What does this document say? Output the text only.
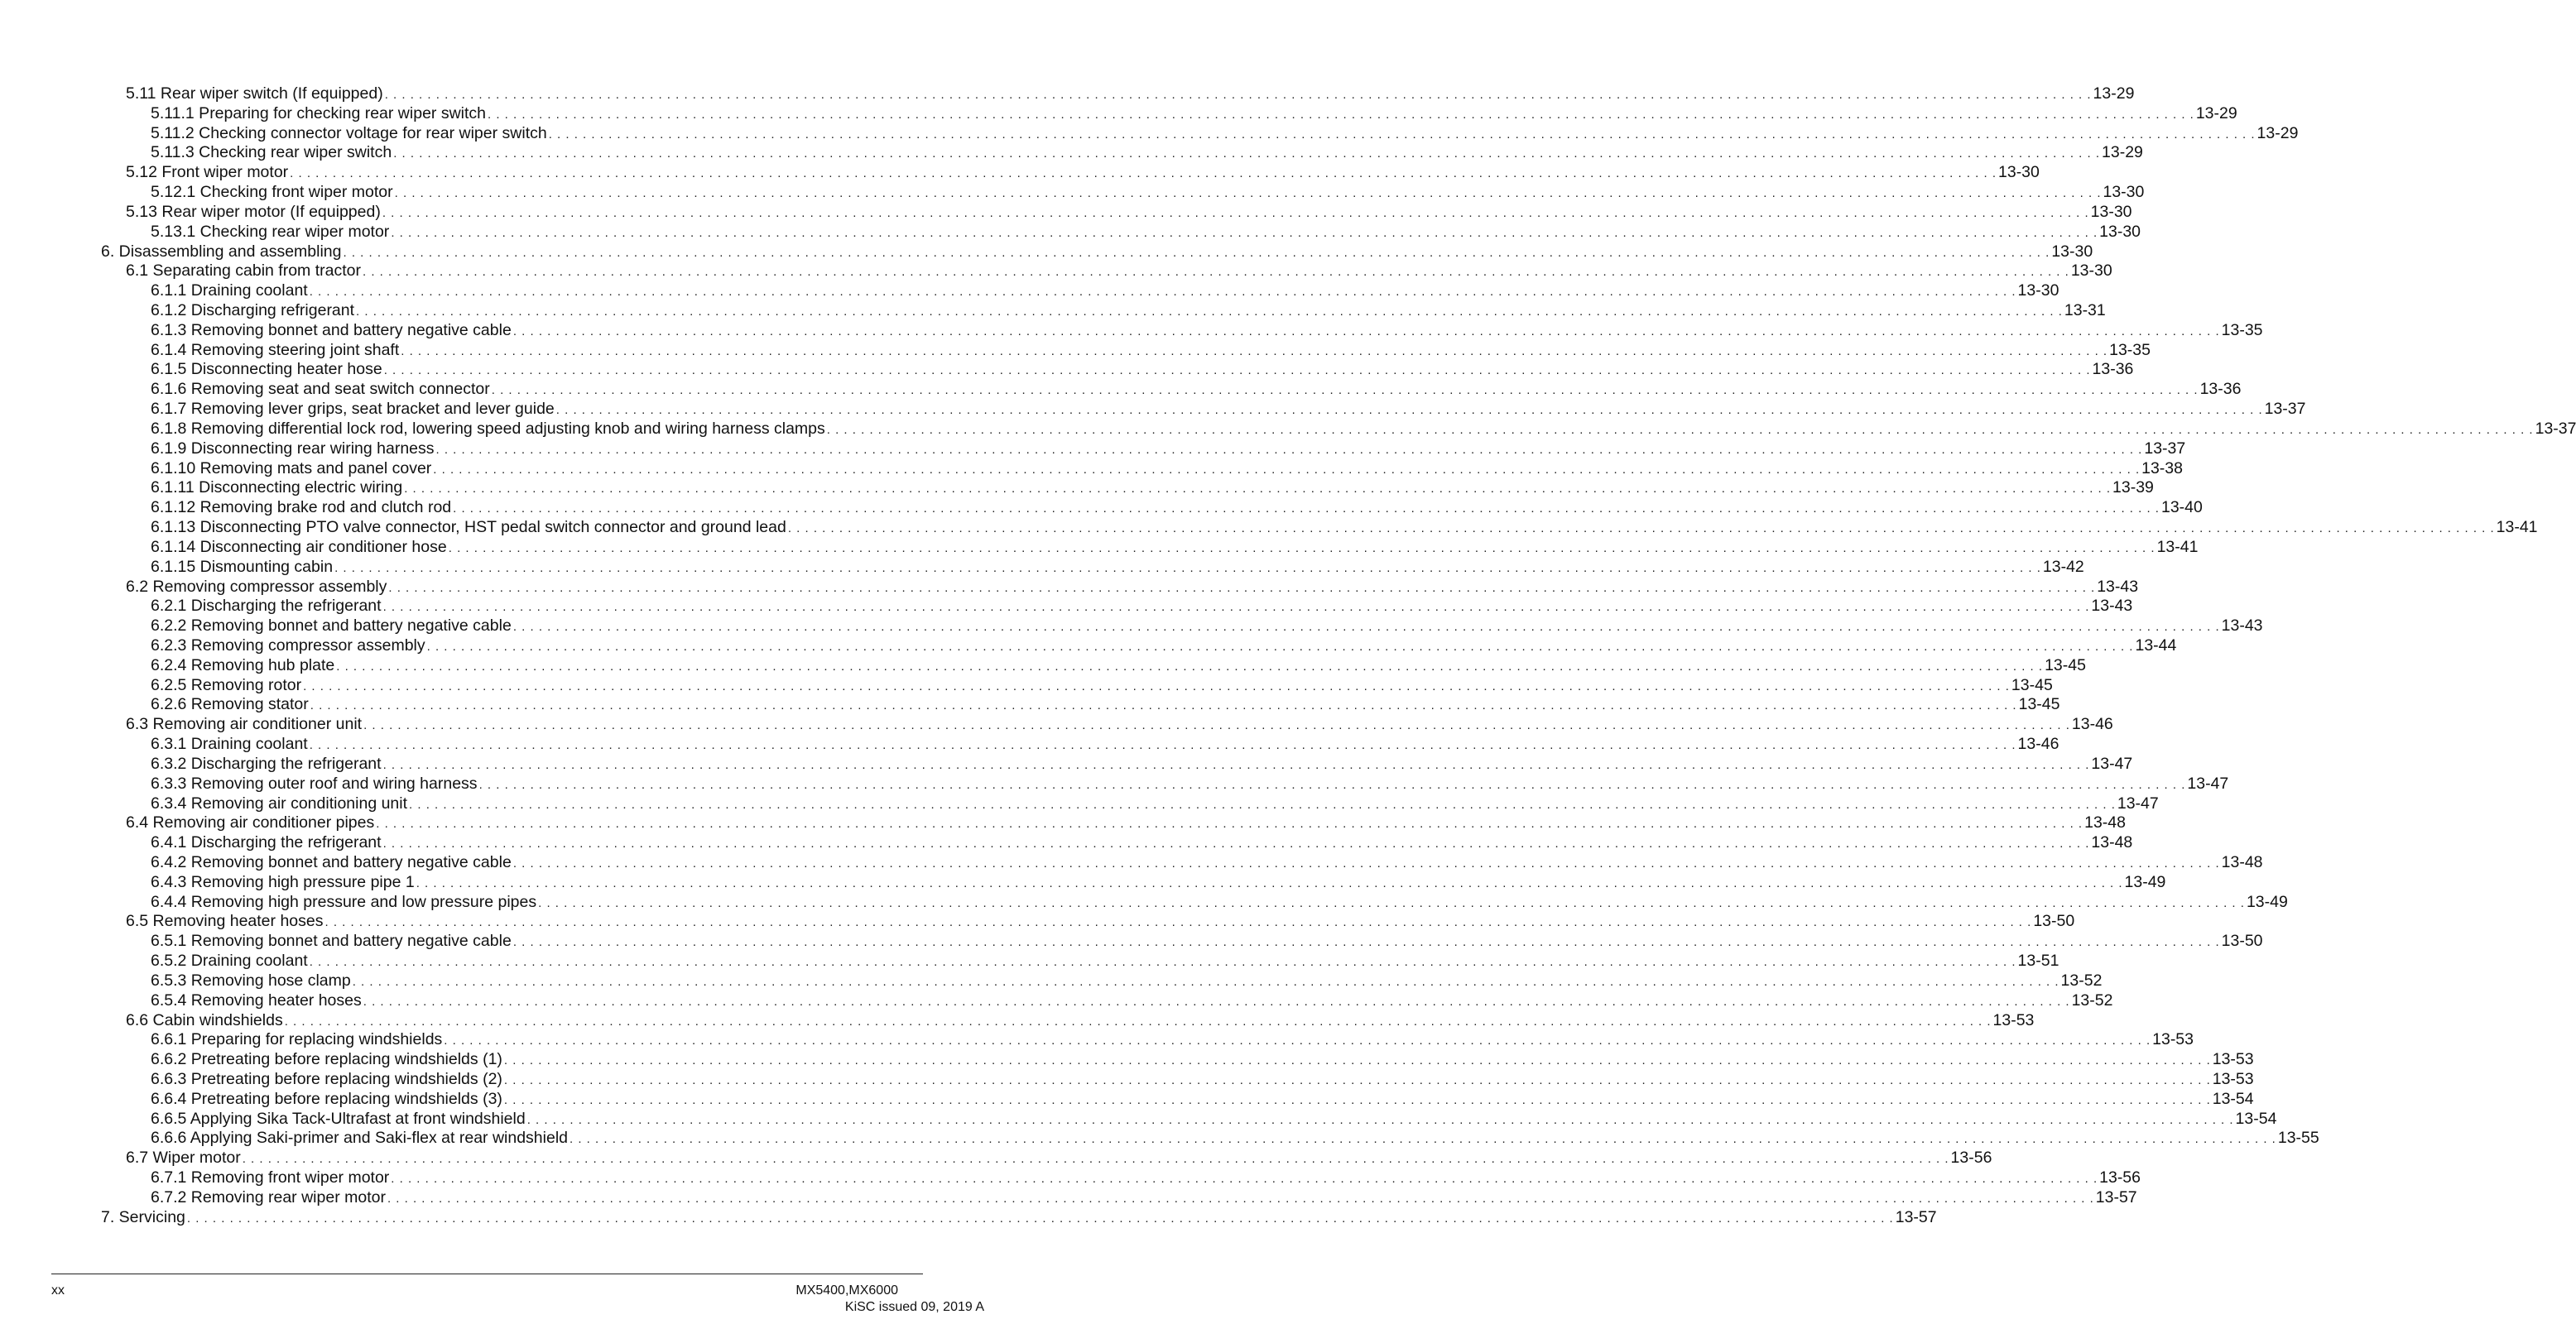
5.11 Rear wiper switch (If equipped) . . . . . . . . . . . . . . . . . . . . . . . . . . . . . . . . . . . . . . . . . . . . . . . . . . . . . . . . . . . . . . . . . . . . . . . . . . . . . . . . . . . . . . . . . . . . . . . . . . . . . . . . . . . . . . . . . . . . . . . . . . . . . . . . . . . . . . . . . . . . . . . . . . . . . . . . . . . . . . . . . . . . . . . . . . . . . . . . . . . . . . . . . . . . . . . . . . . . . . . . 13-29
5.11.1 Preparing for checking rear wiper switch . . . . . . . . . . . . . . . . . . . . . . . . . . . . . . . . . . . . . . . . . . . . . . . . . . . . . . . . . . . . . . . . . . . . . . . . . . . . . . . . . . . . . . . . . . . . . . . . . . . . . . . . . . . . . . . . . . . . . . . . . . . . . . . . . . . . . . . . . . . . . . . . . . . . . . . . . . . . . . . . . . . . . . . . . . . . . . . . . . . . . . . . . . . . . . . . . . . . . . . . 13-29
5.11.2 Checking connector voltage for rear wiper switch . . . . . . . . . . . . . . . . . . . . . . . . . . . . . . . . . . . . . . . . . . . . . . . . . . . . . . . . . . . . . . . . . . . . . . . . . . . . . . . . . . . . . . . . . . . . . . . . . . . . . . . . . . . . . . . . . . . . . . . . . . . . . . . . . . . . . . . . . . . . . . . . . . . . . . . . . . . . . . . . . . . . . . . . . . . . . . . . . . . . . . . . . . . . . . . . . . . . . . . . 13-29
5.11.3 Checking rear wiper switch . . . . . . . . . . . . . . . . . . . . . . . . . . . . . . . . . . . . . . . . . . . . . . . . . . . . . . . . . . . . . . . . . . . . . . . . . . . . . . . . . . . . . . . . . . . . . . . . . . . . . . . . . . . . . . . . . . . . . . . . . . . . . . . . . . . . . . . . . . . . . . . . . . . . . . . . . . . . . . . . . . . . . . . . . . . . . . . . . . . . . . . . . . . . . . . . . . . . . . . . 13-29
5.12 Front wiper motor . . . . . . . . . . . . . . . . . . . . . . . . . . . . . . . . . . . . . . . . . . . . . . . . . . . . . . . . . . . . . . . . . . . . . . . . . . . . . . . . . . . . . . . . . . . . . . . . . . . . . . . . . . . . . . . . . . . . . . . . . . . . . . . . . . . . . . . . . . . . . . . . . . . . . . . . . . . . . . . . . . . . . . . . . . . . . . . . . . . . . . . . . . . . . . . . . . . . . . . . 13-30
5.12.1 Checking front wiper motor . . . . . . . . . . . . . . . . . . . . . . . . . . . . . . . . . . . . . . . . . . . . . . . . . . . . . . . . . . . . . . . . . . . . . . . . . . . . . . . . . . . . . . . . . . . . . . . . . . . . . . . . . . . . . . . . . . . . . . . . . . . . . . . . . . . . . . . . . . . . . . . . . . . . . . . . . . . . . . . . . . . . . . . . . . . . . . . . . . . . . . . . . . . . . . . . . . . . . . . . 13-30
5.13 Rear wiper motor (If equipped) . . . . . . . . . . . . . . . . . . . . . . . . . . . . . . . . . . . . . . . . . . . . . . . . . . . . . . . . . . . . . . . . . . . . . . . . . . . . . . . . . . . . . . . . . . . . . . . . . . . . . . . . . . . . . . . . . . . . . . . . . . . . . . . . . . . . . . . . . . . . . . . . . . . . . . . . . . . . . . . . . . . . . . . . . . . . . . . . . . . . . . . . . . . . . . . . . . . . . . . . 13-30
5.13.1 Checking rear wiper motor . . . . . . . . . . . . . . . . . . . . . . . . . . . . . . . . . . . . . . . . . . . . . . . . . . . . . . . . . . . . . . . . . . . . . . . . . . . . . . . . . . . . . . . . . . . . . . . . . . . . . . . . . . . . . . . . . . . . . . . . . . . . . . . . . . . . . . . . . . . . . . . . . . . . . . . . . . . . . . . . . . . . . . . . . . . . . . . . . . . . . . . . . . . . . . . . . . . . . . . . 13-30
6. Disassembling and assembling . . . . . . . . . . . . . . . . . . . . . . . . . . . . . . . . . . . . . . . . . . . . . . . . . . . . . . . . . . . . . . . . . . . . . . . . . . . . . . . . . . . . . . . . . . . . . . . . . . . . . . . . . . . . . . . . . . . . . . . . . . . . . . . . . . . . . . . . . . . . . . . . . . . . . . . . . . . . . . . . . . . . . . . . . . . . . . . . . . . . . . . . . . . . . . . . . . . . . . . . 13-30
6.1 Separating cabin from tractor . . . . . . . . . . . . . . . . . . . . . . . . . . . . . . . . . . . . . . . . . . . . . . . . . . . . . . . . . . . . . . . . . . . . . . . . . . . . . . . . . . . . . . . . . . . . . . . . . . . . . . . . . . . . . . . . . . . . . . . . . . . . . . . . . . . . . . . . . . . . . . . . . . . . . . . . . . . . . . . . . . . . . . . . . . . . . . . . . . . . . . . . . . . . . . . . . . . . . . . . 13-30
6.1.1 Draining coolant . . . . . . . . . . . . . . . . . . . . . . . . . . . . . . . . . . . . . . . . . . . . . . . . . . . . . . . . . . . . . . . . . . . . . . . . . . . . . . . . . . . . . . . . . . . . . . . . . . . . . . . . . . . . . . . . . . . . . . . . . . . . . . . . . . . . . . . . . . . . . . . . . . . . . . . . . . . . . . . . . . . . . . . . . . . . . . . . . . . . . . . . . . . . . . . . . . . . . . . . 13-30
6.1.2 Discharging refrigerant . . . . . . . . . . . . . . . . . . . . . . . . . . . . . . . . . . . . . . . . . . . . . . . . . . . . . . . . . . . . . . . . . . . . . . . . . . . . . . . . . . . . . . . . . . . . . . . . . . . . . . . . . . . . . . . . . . . . . . . . . . . . . . . . . . . . . . . . . . . . . . . . . . . . . . . . . . . . . . . . . . . . . . . . . . . . . . . . . . . . . . . . . . . . . . . . . . . . . . . . 13-31
6.1.3 Removing bonnet and battery negative cable . . . . . . . . . . . . . . . . . . . . . . . . . . . . . . . . . . . . . . . . . . . . . . . . . . . . . . . . . . . . . . . . . . . . . . . . . . . . . . . . . . . . . . . . . . . . . . . . . . . . . . . . . . . . . . . . . . . . . . . . . . . . . . . . . . . . . . . . . . . . . . . . . . . . . . . . . . . . . . . . . . . . . . . . . . . . . . . . . . . . . . . . . . . . . . . . . . . . . . . . 13-35
6.1.4 Removing steering joint shaft . . . . . . . . . . . . . . . . . . . . . . . . . . . . . . . . . . . . . . . . . . . . . . . . . . . . . . . . . . . . . . . . . . . . . . . . . . . . . . . . . . . . . . . . . . . . . . . . . . . . . . . . . . . . . . . . . . . . . . . . . . . . . . . . . . . . . . . . . . . . . . . . . . . . . . . . . . . . . . . . . . . . . . . . . . . . . . . . . . . . . . . . . . . . . . . . . . . . . . . . 13-35
6.1.5 Disconnecting heater hose . . . . . . . . . . . . . . . . . . . . . . . . . . . . . . . . . . . . . . . . . . . . . . . . . . . . . . . . . . . . . . . . . . . . . . . . . . . . . . . . . . . . . . . . . . . . . . . . . . . . . . . . . . . . . . . . . . . . . . . . . . . . . . . . . . . . . . . . . . . . . . . . . . . . . . . . . . . . . . . . . . . . . . . . . . . . . . . . . . . . . . . . . . . . . . . . . . . . . . . . 13-36
6.1.6 Removing seat and seat switch connector . . . . . . . . . . . . . . . . . . . . . . . . . . . . . . . . . . . . . . . . . . . . . . . . . . . . . . . . . . . . . . . . . . . . . . . . . . . . . . . . . . . . . . . . . . . . . . . . . . . . . . . . . . . . . . . . . . . . . . . . . . . . . . . . . . . . . . . . . . . . . . . . . . . . . . . . . . . . . . . . . . . . . . . . . . . . . . . . . . . . . . . . . . . . . . . . . . . . . . . . 13-36
6.1.7 Removing lever grips, seat bracket and lever guide . . . . . . . . . . . . . . . . . . . . . . . . . . . . . . . . . . . . . . . . . . . . . . . . . . . . . . . . . . . . . . . . . . . . . . . . . . . . . . . . . . . . . . . . . . . . . . . . . . . . . . . . . . . . . . . . . . . . . . . . . . . . . . . . . . . . . . . . . . . . . . . . . . . . . . . . . . . . . . . . . . . . . . . . . . . . . . . . . . . . . . . . . . . . . . . . . . . . . . . . 13-37
6.1.8 Removing differential lock rod, lowering speed adjusting knob and wiring harness clamps . . . . . . . . . . . . . . . . . . . . . . . . . . . . . . . . . . . . . . . . . . . . . . . . . . . . . . . . . . . . . . . . . . . . . . . . . . . . . . . . . . . . . . . . . . . . . . . . . . . . . . . . . . . . . . . . . . . . . . . . . . . . . . . . . . . . . . . . . . . . . . . . . . . . . . . . . . . . . . . . . . . . . . . . . . . . . . . . . . . . . . . . . . . . . . . . . . . . . . . . 13-37
6.1.9 Disconnecting rear wiring harness . . . . . . . . . . . . . . . . . . . . . . . . . . . . . . . . . . . . . . . . . . . . . . . . . . . . . . . . . . . . . . . . . . . . . . . . . . . . . . . . . . . . . . . . . . . . . . . . . . . . . . . . . . . . . . . . . . . . . . . . . . . . . . . . . . . . . . . . . . . . . . . . . . . . . . . . . . . . . . . . . . . . . . . . . . . . . . . . . . . . . . . . . . . . . . . . . . . . . . . . 13-37
6.1.10 Removing mats and panel cover . . . . . . . . . . . . . . . . . . . . . . . . . . . . . . . . . . . . . . . . . . . . . . . . . . . . . . . . . . . . . . . . . . . . . . . . . . . . . . . . . . . . . . . . . . . . . . . . . . . . . . . . . . . . . . . . . . . . . . . . . . . . . . . . . . . . . . . . . . . . . . . . . . . . . . . . . . . . . . . . . . . . . . . . . . . . . . . . . . . . . . . . . . . . . . . . . . . . . . . . 13-38
6.1.11 Disconnecting electric wiring . . . . . . . . . . . . . . . . . . . . . . . . . . . . . . . . . . . . . . . . . . . . . . . . . . . . . . . . . . . . . . . . . . . . . . . . . . . . . . . . . . . . . . . . . . . . . . . . . . . . . . . . . . . . . . . . . . . . . . . . . . . . . . . . . . . . . . . . . . . . . . . . . . . . . . . . . . . . . . . . . . . . . . . . . . . . . . . . . . . . . . . . . . . . . . . . . . . . . . . . 13-39
6.1.12 Removing brake rod and clutch rod . . . . . . . . . . . . . . . . . . . . . . . . . . . . . . . . . . . . . . . . . . . . . . . . . . . . . . . . . . . . . . . . . . . . . . . . . . . . . . . . . . . . . . . . . . . . . . . . . . . . . . . . . . . . . . . . . . . . . . . . . . . . . . . . . . . . . . . . . . . . . . . . . . . . . . . . . . . . . . . . . . . . . . . . . . . . . . . . . . . . . . . . . . . . . . . . . . . . . . . . 13-40
6.1.13 Disconnecting PTO valve connector, HST pedal switch connector and ground lead . . . . . . . . . . . . . . . . . . . . . . . . . . . . . . . . . . . . . . . . . . . . . . . . . . . . . . . . . . . . . . . . . . . . . . . . . . . . . . . . . . . . . . . . . . . . . . . . . . . . . . . . . . . . . . . . . . . . . . . . . . . . . . . . . . . . . . . . . . . . . . . . . . . . . . . . . . . . . . . . . . . . . . . . . . . . . . . . . . . . . . . . . . . . . . . . . . . . . . . . 13-41
6.1.14 Disconnecting air conditioner hose . . . . . . . . . . . . . . . . . . . . . . . . . . . . . . . . . . . . . . . . . . . . . . . . . . . . . . . . . . . . . . . . . . . . . . . . . . . . . . . . . . . . . . . . . . . . . . . . . . . . . . . . . . . . . . . . . . . . . . . . . . . . . . . . . . . . . . . . . . . . . . . . . . . . . . . . . . . . . . . . . . . . . . . . . . . . . . . . . . . . . . . . . . . . . . . . . . . . . . . . 13-41
6.1.15 Dismounting cabin . . . . . . . . . . . . . . . . . . . . . . . . . . . . . . . . . . . . . . . . . . . . . . . . . . . . . . . . . . . . . . . . . . . . . . . . . . . . . . . . . . . . . . . . . . . . . . . . . . . . . . . . . . . . . . . . . . . . . . . . . . . . . . . . . . . . . . . . . . . . . . . . . . . . . . . . . . . . . . . . . . . . . . . . . . . . . . . . . . . . . . . . . . . . . . . . . . . . . . . . 13-42
6.2 Removing compressor assembly . . . . . . . . . . . . . . . . . . . . . . . . . . . . . . . . . . . . . . . . . . . . . . . . . . . . . . . . . . . . . . . . . . . . . . . . . . . . . . . . . . . . . . . . . . . . . . . . . . . . . . . . . . . . . . . . . . . . . . . . . . . . . . . . . . . . . . . . . . . . . . . . . . . . . . . . . . . . . . . . . . . . . . . . . . . . . . . . . . . . . . . . . . . . . . . . . . . . . . . . 13-43
6.2.1 Discharging the refrigerant . . . . . . . . . . . . . . . . . . . . . . . . . . . . . . . . . . . . . . . . . . . . . . . . . . . . . . . . . . . . . . . . . . . . . . . . . . . . . . . . . . . . . . . . . . . . . . . . . . . . . . . . . . . . . . . . . . . . . . . . . . . . . . . . . . . . . . . . . . . . . . . . . . . . . . . . . . . . . . . . . . . . . . . . . . . . . . . . . . . . . . . . . . . . . . . . . . . . . . . . 13-43
6.2.2 Removing bonnet and battery negative cable . . . . . . . . . . . . . . . . . . . . . . . . . . . . . . . . . . . . . . . . . . . . . . . . . . . . . . . . . . . . . . . . . . . . . . . . . . . . . . . . . . . . . . . . . . . . . . . . . . . . . . . . . . . . . . . . . . . . . . . . . . . . . . . . . . . . . . . . . . . . . . . . . . . . . . . . . . . . . . . . . . . . . . . . . . . . . . . . . . . . . . . . . . . . . . . . . . . . . . . . 13-43
6.2.3 Removing compressor assembly . . . . . . . . . . . . . . . . . . . . . . . . . . . . . . . . . . . . . . . . . . . . . . . . . . . . . . . . . . . . . . . . . . . . . . . . . . . . . . . . . . . . . . . . . . . . . . . . . . . . . . . . . . . . . . . . . . . . . . . . . . . . . . . . . . . . . . . . . . . . . . . . . . . . . . . . . . . . . . . . . . . . . . . . . . . . . . . . . . . . . . . . . . . . . . . . . . . . . . . . 13-44
6.2.4 Removing hub plate . . . . . . . . . . . . . . . . . . . . . . . . . . . . . . . . . . . . . . . . . . . . . . . . . . . . . . . . . . . . . . . . . . . . . . . . . . . . . . . . . . . . . . . . . . . . . . . . . . . . . . . . . . . . . . . . . . . . . . . . . . . . . . . . . . . . . . . . . . . . . . . . . . . . . . . . . . . . . . . . . . . . . . . . . . . . . . . . . . . . . . . . . . . . . . . . . . . . . . . . 13-45
6.2.5 Removing rotor . . . . . . . . . . . . . . . . . . . . . . . . . . . . . . . . . . . . . . . . . . . . . . . . . . . . . . . . . . . . . . . . . . . . . . . . . . . . . . . . . . . . . . . . . . . . . . . . . . . . . . . . . . . . . . . . . . . . . . . . . . . . . . . . . . . . . . . . . . . . . . . . . . . . . . . . . . . . . . . . . . . . . . . . . . . . . . . . . . . . . . . . . . . . . . . . . . . . . . . . 13-45
6.2.6 Removing stator . . . . . . . . . . . . . . . . . . . . . . . . . . . . . . . . . . . . . . . . . . . . . . . . . . . . . . . . . . . . . . . . . . . . . . . . . . . . . . . . . . . . . . . . . . . . . . . . . . . . . . . . . . . . . . . . . . . . . . . . . . . . . . . . . . . . . . . . . . . . . . . . . . . . . . . . . . . . . . . . . . . . . . . . . . . . . . . . . . . . . . . . . . . . . . . . . . . . . . . . 13-45
6.3 Removing air conditioner unit . . . . . . . . . . . . . . . . . . . . . . . . . . . . . . . . . . . . . . . . . . . . . . . . . . . . . . . . . . . . . . . . . . . . . . . . . . . . . . . . . . . . . . . . . . . . . . . . . . . . . . . . . . . . . . . . . . . . . . . . . . . . . . . . . . . . . . . . . . . . . . . . . . . . . . . . . . . . . . . . . . . . . . . . . . . . . . . . . . . . . . . . . . . . . . . . . . . . . . . . 13-46
6.3.1 Draining coolant . . . . . . . . . . . . . . . . . . . . . . . . . . . . . . . . . . . . . . . . . . . . . . . . . . . . . . . . . . . . . . . . . . . . . . . . . . . . . . . . . . . . . . . . . . . . . . . . . . . . . . . . . . . . . . . . . . . . . . . . . . . . . . . . . . . . . . . . . . . . . . . . . . . . . . . . . . . . . . . . . . . . . . . . . . . . . . . . . . . . . . . . . . . . . . . . . . . . . . . . 13-46
6.3.2 Discharging the refrigerant . . . . . . . . . . . . . . . . . . . . . . . . . . . . . . . . . . . . . . . . . . . . . . . . . . . . . . . . . . . . . . . . . . . . . . . . . . . . . . . . . . . . . . . . . . . . . . . . . . . . . . . . . . . . . . . . . . . . . . . . . . . . . . . . . . . . . . . . . . . . . . . . . . . . . . . . . . . . . . . . . . . . . . . . . . . . . . . . . . . . . . . . . . . . . . . . . . . . . . . . 13-47
6.3.3 Removing outer roof and wiring harness . . . . . . . . . . . . . . . . . . . . . . . . . . . . . . . . . . . . . . . . . . . . . . . . . . . . . . . . . . . . . . . . . . . . . . . . . . . . . . . . . . . . . . . . . . . . . . . . . . . . . . . . . . . . . . . . . . . . . . . . . . . . . . . . . . . . . . . . . . . . . . . . . . . . . . . . . . . . . . . . . . . . . . . . . . . . . . . . . . . . . . . . . . . . . . . . . . . . . . . . 13-47
6.3.4 Removing air conditioning unit . . . . . . . . . . . . . . . . . . . . . . . . . . . . . . . . . . . . . . . . . . . . . . . . . . . . . . . . . . . . . . . . . . . . . . . . . . . . . . . . . . . . . . . . . . . . . . . . . . . . . . . . . . . . . . . . . . . . . . . . . . . . . . . . . . . . . . . . . . . . . . . . . . . . . . . . . . . . . . . . . . . . . . . . . . . . . . . . . . . . . . . . . . . . . . . . . . . . . . . . 13-47
6.4 Removing air conditioner pipes . . . . . . . . . . . . . . . . . . . . . . . . . . . . . . . . . . . . . . . . . . . . . . . . . . . . . . . . . . . . . . . . . . . . . . . . . . . . . . . . . . . . . . . . . . . . . . . . . . . . . . . . . . . . . . . . . . . . . . . . . . . . . . . . . . . . . . . . . . . . . . . . . . . . . . . . . . . . . . . . . . . . . . . . . . . . . . . . . . . . . . . . . . . . . . . . . . . . . . . . 13-48
6.4.1 Discharging the refrigerant . . . . . . . . . . . . . . . . . . . . . . . . . . . . . . . . . . . . . . . . . . . . . . . . . . . . . . . . . . . . . . . . . . . . . . . . . . . . . . . . . . . . . . . . . . . . . . . . . . . . . . . . . . . . . . . . . . . . . . . . . . . . . . . . . . . . . . . . . . . . . . . . . . . . . . . . . . . . . . . . . . . . . . . . . . . . . . . . . . . . . . . . . . . . . . . . . . . . . . . . 13-48
6.4.2 Removing bonnet and battery negative cable . . . . . . . . . . . . . . . . . . . . . . . . . . . . . . . . . . . . . . . . . . . . . . . . . . . . . . . . . . . . . . . . . . . . . . . . . . . . . . . . . . . . . . . . . . . . . . . . . . . . . . . . . . . . . . . . . . . . . . . . . . . . . . . . . . . . . . . . . . . . . . . . . . . . . . . . . . . . . . . . . . . . . . . . . . . . . . . . . . . . . . . . . . . . . . . . . . . . . . . . 13-48
6.4.3 Removing high pressure pipe 1 . . . . . . . . . . . . . . . . . . . . . . . . . . . . . . . . . . . . . . . . . . . . . . . . . . . . . . . . . . . . . . . . . . . . . . . . . . . . . . . . . . . . . . . . . . . . . . . . . . . . . . . . . . . . . . . . . . . . . . . . . . . . . . . . . . . . . . . . . . . . . . . . . . . . . . . . . . . . . . . . . . . . . . . . . . . . . . . . . . . . . . . . . . . . . . . . . . . . . . . . 13-49
6.4.4 Removing high pressure and low pressure pipes . . . . . . . . . . . . . . . . . . . . . . . . . . . . . . . . . . . . . . . . . . . . . . . . . . . . . . . . . . . . . . . . . . . . . . . . . . . . . . . . . . . . . . . . . . . . . . . . . . . . . . . . . . . . . . . . . . . . . . . . . . . . . . . . . . . . . . . . . . . . . . . . . . . . . . . . . . . . . . . . . . . . . . . . . . . . . . . . . . . . . . . . . . . . . . . . . . . . . . . . 13-49
6.5 Removing heater hoses . . . . . . . . . . . . . . . . . . . . . . . . . . . . . . . . . . . . . . . . . . . . . . . . . . . . . . . . . . . . . . . . . . . . . . . . . . . . . . . . . . . . . . . . . . . . . . . . . . . . . . . . . . . . . . . . . . . . . . . . . . . . . . . . . . . . . . . . . . . . . . . . . . . . . . . . . . . . . . . . . . . . . . . . . . . . . . . . . . . . . . . . . . . . . . . . . . . . . . . . 13-50
6.5.1 Removing bonnet and battery negative cable . . . . . . . . . . . . . . . . . . . . . . . . . . . . . . . . . . . . . . . . . . . . . . . . . . . . . . . . . . . . . . . . . . . . . . . . . . . . . . . . . . . . . . . . . . . . . . . . . . . . . . . . . . . . . . . . . . . . . . . . . . . . . . . . . . . . . . . . . . . . . . . . . . . . . . . . . . . . . . . . . . . . . . . . . . . . . . . . . . . . . . . . . . . . . . . . . . . . . . . . 13-50
6.5.2 Draining coolant . . . . . . . . . . . . . . . . . . . . . . . . . . . . . . . . . . . . . . . . . . . . . . . . . . . . . . . . . . . . . . . . . . . . . . . . . . . . . . . . . . . . . . . . . . . . . . . . . . . . . . . . . . . . . . . . . . . . . . . . . . . . . . . . . . . . . . . . . . . . . . . . . . . . . . . . . . . . . . . . . . . . . . . . . . . . . . . . . . . . . . . . . . . . . . . . . . . . . . . . 13-51
6.5.3 Removing hose clamp . . . . . . . . . . . . . . . . . . . . . . . . . . . . . . . . . . . . . . . . . . . . . . . . . . . . . . . . . . . . . . . . . . . . . . . . . . . . . . . . . . . . . . . . . . . . . . . . . . . . . . . . . . . . . . . . . . . . . . . . . . . . . . . . . . . . . . . . . . . . . . . . . . . . . . . . . . . . . . . . . . . . . . . . . . . . . . . . . . . . . . . . . . . . . . . . . . . . . . . . 13-52
6.5.4 Removing heater hoses . . . . . . . . . . . . . . . . . . . . . . . . . . . . . . . . . . . . . . . . . . . . . . . . . . . . . . . . . . . . . . . . . . . . . . . . . . . . . . . . . . . . . . . . . . . . . . . . . . . . . . . . . . . . . . . . . . . . . . . . . . . . . . . . . . . . . . . . . . . . . . . . . . . . . . . . . . . . . . . . . . . . . . . . . . . . . . . . . . . . . . . . . . . . . . . . . . . . . . . . 13-52
6.6 Cabin windshields . . . . . . . . . . . . . . . . . . . . . . . . . . . . . . . . . . . . . . . . . . . . . . . . . . . . . . . . . . . . . . . . . . . . . . . . . . . . . . . . . . . . . . . . . . . . . . . . . . . . . . . . . . . . . . . . . . . . . . . . . . . . . . . . . . . . . . . . . . . . . . . . . . . . . . . . . . . . . . . . . . . . . . . . . . . . . . . . . . . . . . . . . . . . . . . . . . . . . . . . 13-53
6.6.1 Preparing for replacing windshields . . . . . . . . . . . . . . . . . . . . . . . . . . . . . . . . . . . . . . . . . . . . . . . . . . . . . . . . . . . . . . . . . . . . . . . . . . . . . . . . . . . . . . . . . . . . . . . . . . . . . . . . . . . . . . . . . . . . . . . . . . . . . . . . . . . . . . . . . . . . . . . . . . . . . . . . . . . . . . . . . . . . . . . . . . . . . . . . . . . . . . . . . . . . . . . . . . . . . . . . 13-53
6.6.2 Pretreating before replacing windshields (1) . . . . . . . . . . . . . . . . . . . . . . . . . . . . . . . . . . . . . . . . . . . . . . . . . . . . . . . . . . . . . . . . . . . . . . . . . . . . . . . . . . . . . . . . . . . . . . . . . . . . . . . . . . . . . . . . . . . . . . . . . . . . . . . . . . . . . . . . . . . . . . . . . . . . . . . . . . . . . . . . . . . . . . . . . . . . . . . . . . . . . . . . . . . . . . . . . . . . . . . . 13-53
6.6.3 Pretreating before replacing windshields (2) . . . . . . . . . . . . . . . . . . . . . . . . . . . . . . . . . . . . . . . . . . . . . . . . . . . . . . . . . . . . . . . . . . . . . . . . . . . . . . . . . . . . . . . . . . . . . . . . . . . . . . . . . . . . . . . . . . . . . . . . . . . . . . . . . . . . . . . . . . . . . . . . . . . . . . . . . . . . . . . . . . . . . . . . . . . . . . . . . . . . . . . . . . . . . . . . . . . . . . . . 13-53
6.6.4 Pretreating before replacing windshields (3) . . . . . . . . . . . . . . . . . . . . . . . . . . . . . . . . . . . . . . . . . . . . . . . . . . . . . . . . . . . . . . . . . . . . . . . . . . . . . . . . . . . . . . . . . . . . . . . . . . . . . . . . . . . . . . . . . . . . . . . . . . . . . . . . . . . . . . . . . . . . . . . . . . . . . . . . . . . . . . . . . . . . . . . . . . . . . . . . . . . . . . . . . . . . . . . . . . . . . . . . 13-54
6.6.5 Applying Sika Tack-Ultrafast at front windshield . . . . . . . . . . . . . . . . . . . . . . . . . . . . . . . . . . . . . . . . . . . . . . . . . . . . . . . . . . . . . . . . . . . . . . . . . . . . . . . . . . . . . . . . . . . . . . . . . . . . . . . . . . . . . . . . . . . . . . . . . . . . . . . . . . . . . . . . . . . . . . . . . . . . . . . . . . . . . . . . . . . . . . . . . . . . . . . . . . . . . . . . . . . . . . . . . . . . . . . . 13-54
6.6.6 Applying Saki-primer and Saki-flex at rear windshield . . . . . . . . . . . . . . . . . . . . . . . . . . . . . . . . . . . . . . . . . . . . . . . . . . . . . . . . . . . . . . . . . . . . . . . . . . . . . . . . . . . . . . . . . . . . . . . . . . . . . . . . . . . . . . . . . . . . . . . . . . . . . . . . . . . . . . . . . . . . . . . . . . . . . . . . . . . . . . . . . . . . . . . . . . . . . . . . . . . . . . . . . . . . . . . . . . . . . . . . 13-55
6.7 Wiper motor . . . . . . . . . . . . . . . . . . . . . . . . . . . . . . . . . . . . . . . . . . . . . . . . . . . . . . . . . . . . . . . . . . . . . . . . . . . . . . . . . . . . . . . . . . . . . . . . . . . . . . . . . . . . . . . . . . . . . . . . . . . . . . . . . . . . . . . . . . . . . . . . . . . . . . . . . . . . . . . . . . . . . . . . . . . . . . . . . . . . . . . . . . . . . . . . . . . . . . . . 13-56
6.7.1 Removing front wiper motor . . . . . . . . . . . . . . . . . . . . . . . . . . . . . . . . . . . . . . . . . . . . . . . . . . . . . . . . . . . . . . . . . . . . . . . . . . . . . . . . . . . . . . . . . . . . . . . . . . . . . . . . . . . . . . . . . . . . . . . . . . . . . . . . . . . . . . . . . . . . . . . . . . . . . . . . . . . . . . . . . . . . . . . . . . . . . . . . . . . . . . . . . . . . . . . . . . . . . . . . 13-56
6.7.2 Removing rear wiper motor . . . . . . . . . . . . . . . . . . . . . . . . . . . . . . . . . . . . . . . . . . . . . . . . . . . . . . . . . . . . . . . . . . . . . . . . . . . . . . . . . . . . . . . . . . . . . . . . . . . . . . . . . . . . . . . . . . . . . . . . . . . . . . . . . . . . . . . . . . . . . . . . . . . . . . . . . . . . . . . . . . . . . . . . . . . . . . . . . . . . . . . . . . . . . . . . . . . . . . . . 13-57
7. Servicing . . . . . . . . . . . . . . . . . . . . . . . . . . . . . . . . . . . . . . . . . . . . . . . . . . . . . . . . . . . . . . . . . . . . . . . . . . . . . . . . . . . . . . . . . . . . . . . . . . . . . . . . . . . . . . . . . . . . . . . . . . . . . . . . . . . . . . . . . . . . . . . . . . . . . . . . . . . . . . . . . . . . . . . . . . . . . . . . . . . . . . . . . . . . . . . . . . . . . . . . 13-57
xx	MX5400,MX6000
KiSC issued 09, 2019 A
